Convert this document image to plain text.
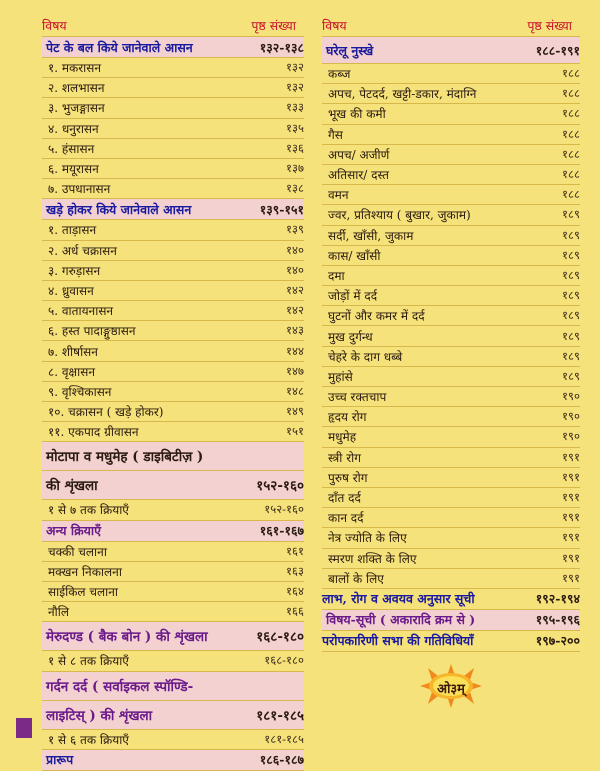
विषय	पृष्ठ संख्या
पेट के बल किये जानेवाले आसन	१३२-१३८
१. मकरासन	१३२
२. शलभासन	१३२
३. भुजङ्गासन	१३३
४. धनुरासन	१३५
५. हंसासन	१३६
६. मयूरासन	१३७
७. उपधानासन	१३८
खड़े होकर किये जानेवाले आसन	१३९-१५१
१. ताड़ासन	१३९
२. अर्ध चक्रासन	१४०
३. गरुड़ासन	१४०
४. ध्रुवासन	१४२
५. वातायनासन	१४२
६. हस्त पादाङ्गुष्ठासन	१४३
७. शीर्षासन	१४४
८. वृक्षासन	१४७
९. वृश्चिकासन	१४८
१०. चक्रासन ( खड़े होकर)	१४९
११. एकपाद ग्रीवासन	१५१
मोटापा व मधुमेह ( डाइबिटीज़ )
की शृंखला	१५२-१६०
१ से ७ तक क्रियाएँ	१५२-१६०
अन्य क्रियाएँ	१६१-१६७
चक्की चलाना	१६१
मक्खन निकालना	१६३
साईकिल चलाना	१६४
नौलि	१६६
मेरुदण्ड ( बैक बोन ) की शृंखला	१६८-१८०
१ से ८ तक क्रियाएँ	१६८-१८०
गर्दन दर्द ( सर्वाइकल स्पॉण्डि-
लाइटिस् ) की शृंखला	१८१-१८५
१ से ६ तक क्रियाएँ	१८१-१८५
प्रारूप	१८६-१८७
विषय	पृष्ठ संख्या
घरेलू नुस्खे	१८८-१९१
कब्ज	१८८
अपच, पेटदर्द, खट्टी-डकार, मंदाग्नि	१८८
भूख की कमी	१८८
गैस	१८८
अपच/ अजीर्ण	१८८
अतिसार/ दस्त	१८८
वमन	१८८
ज्वर, प्रतिश्याय ( बुखार, जुकाम)	१८९
सर्दी, खाँसी, जुकाम	१८९
कास/ खाँसी	१८९
दमा	१८९
जोड़ों में दर्द	१८९
घुटनों और कमर में दर्द	१८९
मुख दुर्गन्ध	१८९
चेहरे के दाग धब्बे	१८९
मुहांसे	१८९
उच्च रक्तचाप	१९०
हृदय रोग	१९०
मधुमेह	१९०
स्त्री रोग	१९१
पुरुष रोग	१९१
दाँत दर्द	१९१
कान दर्द	१९१
नेत्र ज्योति के लिए	१९१
स्मरण शक्ति के लिए	१९१
बालों के लिए	१९१
लाभ, रोग व अवयव अनुसार सूची	१९२-१९४
विषय-सूची ( अकारादि क्रम से )	१९५-१९६
परोपकारिणी सभा की गतिविधियाँ	१९७-२००
ओ३म्
